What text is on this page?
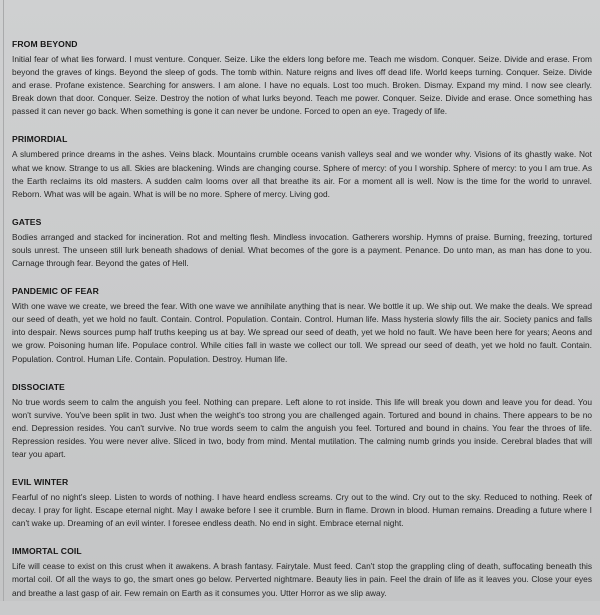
FROM BEYOND

Initial fear of what lies forward. I must venture. Conquer. Seize. Like the elders long before me. Teach me wisdom. Conquer. Seize. Divide and erase. From beyond the graves of kings. Beyond the sleep of gods. The tomb within. Nature reigns and lives off dead life. World keeps turning. Conquer. Seize. Divide and erase. Profane existence. Searching for answers. I am alone. I have no equals. Lost too much. Broken. Dismay. Expand my mind. I now see clearly. Break down that door. Conquer. Seize. Destroy the notion of what lurks beyond. Teach me power. Conquer. Seize. Divide and erase. Once something has passed it can never go back. When something is gone it can never be undone. Forced to open an eye. Tragedy of life.

PRIMORDIAL

A slumbered prince dreams in the ashes. Veins black. Mountains crumble oceans vanish valleys seal and we wonder why. Visions of its ghastly wake. Not what we know. Strange to us all. Skies are blackening. Winds are changing course. Sphere of mercy: of you I worship. Sphere of mercy: to you I am true. As the Earth reclaims its old masters. A sudden calm looms over all that breathe its air. For a moment all is well. Now is the time for the world to unravel. Reborn. What was will be again. What is will be no more. Sphere of mercy. Living god.

GATES

Bodies arranged and stacked for incineration. Rot and melting flesh. Mindless invocation. Gatherers worship. Hymns of praise. Burning, freezing, tortured souls unrest. The unseen still lurk beneath shadows of denial. What becomes of the gore is a payment. Penance. Do unto man, as man has done to you. Carnage through fear. Beyond the gates of Hell.

PANDEMIC OF FEAR

With one wave we create, we breed the fear. With one wave we annihilate anything that is near. We bottle it up. We ship out. We make the deals. We spread our seed of death, yet we hold no fault. Contain. Control. Population. Contain. Control. Human life. Mass hysteria slowly fills the air. Society panics and falls into despair. News sources pump half truths keeping us at bay. We spread our seed of death, yet we hold no fault. We have been here for years; Aeons and we grow. Poisoning human life. Populace control. While cities fall in waste we collect our toll. We spread our seed of death, yet we hold no fault. Contain. Population. Control. Human Life. Contain. Population. Destroy. Human life.

DISSOCIATE

No true words seem to calm the anguish you feel. Nothing can prepare. Left alone to rot inside. This life will break you down and leave you for dead. You won't survive. You've been split in two. Just when the weight's too strong you are challenged again. Tortured and bound in chains. There appears to be no end. Depression resides. You can't survive. No true words seem to calm the anguish you feel. Tortured and bound in chains. You fear the throes of life. Repression resides. You were never alive. Sliced in two, body from mind. Mental mutilation. The calming numb grinds you inside. Cerebral blades that will tear you apart.

EVIL WINTER

Fearful of no night's sleep. Listen to words of nothing. I have heard endless screams. Cry out to the wind. Cry out to the sky. Reduced to nothing. Reek of decay. I pray for light. Escape eternal night. May I awake before I see it crumble. Burn in flame. Drown in blood. Human remains. Dreading a future where I can't wake up. Dreaming of an evil winter. I foresee endless death. No end in sight. Embrace eternal night.

IMMORTAL COIL

Life will cease to exist on this crust when it awakens. A brash fantasy. Fairytale. Must feed. Can't stop the grappling cling of death, suffocating beneath this mortal coil. Of all the ways to go, the smart ones go below. Perverted nightmare. Beauty lies in pain. Feel the drain of life as it leaves you. Close your eyes and breathe a last gasp of air. Few remain on Earth as it consumes you. Utter Horror as we slip away.
